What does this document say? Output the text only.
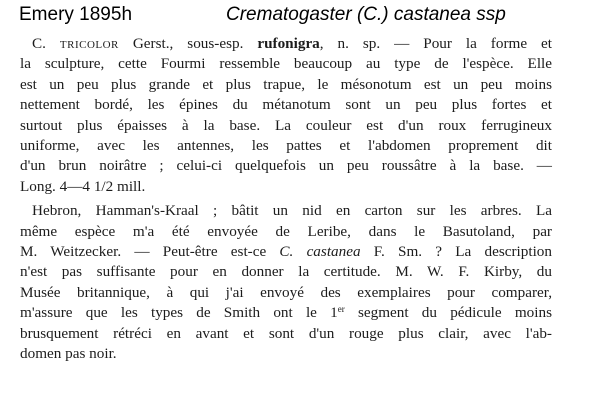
Emery 1895h	Crematogaster (C.) castanea ssp
C. tricolor Gerst., sous-esp. rufonigra, n. sp. — Pour la forme et
la sculpture, cette Fourmi ressemble beaucoup au type de l'espèce. Elle
est un peu plus grande et plus trapue, le mésonotum est un peu moins
nettement bordé, les épines du métanotum sont un peu plus fortes et
surtout plus épaisses à la base. La couleur est d'un roux ferrugineux
uniforme, avec les antennes, les pattes et l'abdomen proprement dit
d'un brun noirâtre ; celui-ci quelquefois un peu roussâtre à la base. —
Long. 4—4 1/2 mill.
Hebron, Hamman's-Kraal ; bâtit un nid en carton sur les arbres. La
même espèce m'a été envoyée de Leribe, dans le Basutoland, par
M. Weitzecker. — Peut-être est-ce C. castanea F. Sm. ? La description
n'est pas suffisante pour en donner la certitude. M. W. F. Kirby, du
Musée britannique, à qui j'ai envoyé des exemplaires pour comparer,
m'assure que les types de Smith ont le 1er segment du pédicule moins
brusquement rétréci en avant et sont d'un rouge plus clair, avec l'ab-
domen pas noir.
